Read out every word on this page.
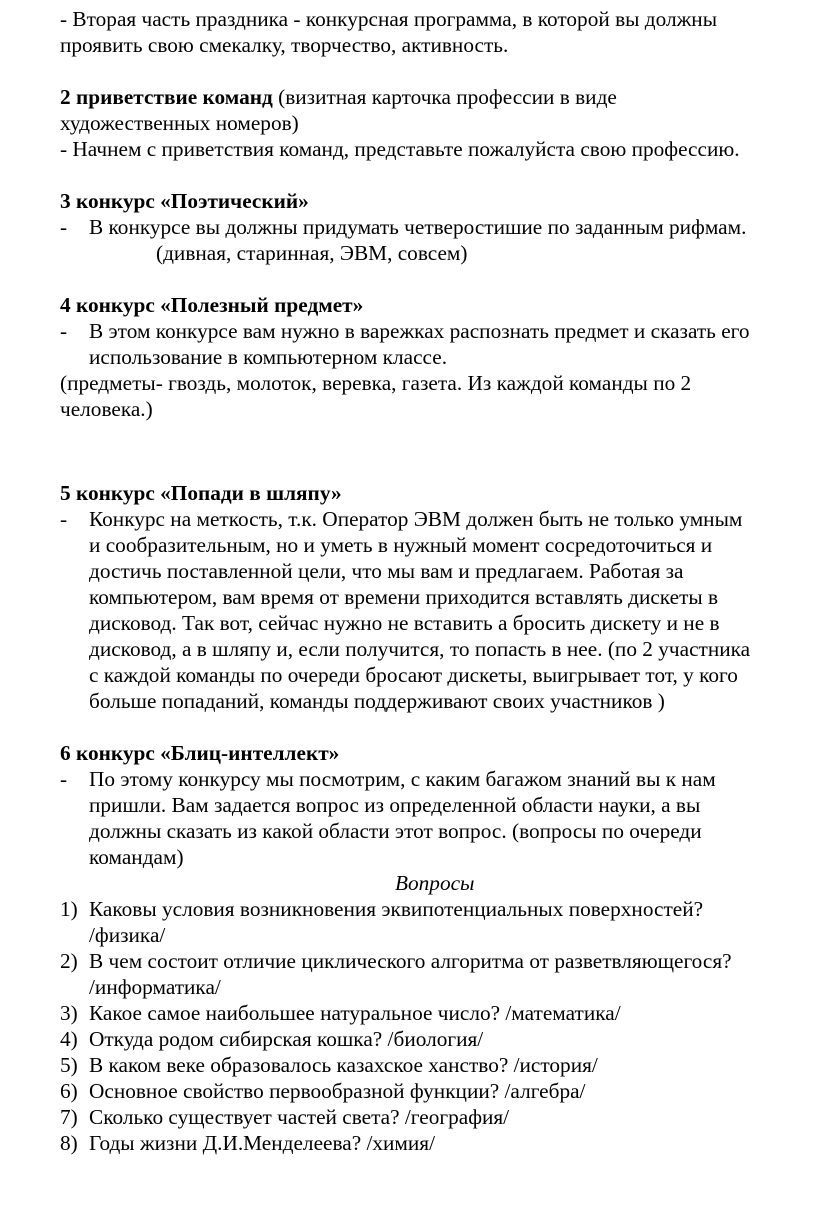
- Вторая часть праздника - конкурсная программа, в которой вы должны
проявить свою смекалку, творчество, активность.
2 приветствие команд (визитная карточка профессии в виде
художественных номеров)
- Начнем с приветствия команд, представьте пожалуйста свою профессию.
3 конкурс «Поэтический»
- В конкурсе вы должны придумать четверостишие по заданным рифмам.
(дивная, старинная, ЭВМ, совсем)
4 конкурс «Полезный предмет»
- В этом конкурсе вам нужно в варежках распознать предмет и сказать его
использование в компьютерном классе.
(предметы- гвоздь, молоток, веревка, газета. Из каждой команды по 2
человека.)
5 конкурс «Попади в шляпу»
- Конкурс на меткость, т.к. Оператор ЭВМ должен быть не только умным
и сообразительным, но и уметь в нужный момент сосредоточиться и
достичь поставленной цели, что мы вам и предлагаем. Работая за
компьютером, вам время от времени приходится вставлять дискеты в
дисковод. Так вот, сейчас нужно не вставить а бросить дискету и не в
дисковод, а в шляпу и, если получится, то попасть в нее. (по 2 участника
с каждой команды по очереди бросают дискеты, выигрывает тот, у кого
больше попаданий, команды поддерживают своих участников )
6 конкурс «Блиц-интеллект»
- По этому конкурсу мы посмотрим, с каким багажом знаний вы к нам
пришли. Вам задается вопрос из определенной области науки, а вы
должны сказать из какой области этот вопрос. (вопросы по очереди
командам)
Вопросы
1) Каковы условия возникновения эквипотенциальных поверхностей?
/физика/
2) В чем состоит отличие циклического алгоритма от разветвляющегося?
/информатика/
3) Какое самое наибольшее натуральное число? /математика/
4) Откуда родом сибирская кошка? /биология/
5) В каком веке образовалось казахское ханство? /история/
6) Основное свойство первообразной функции? /алгебра/
7) Сколько существует частей света? /география/
8) Годы жизни Д.И.Менделеева? /химия/
